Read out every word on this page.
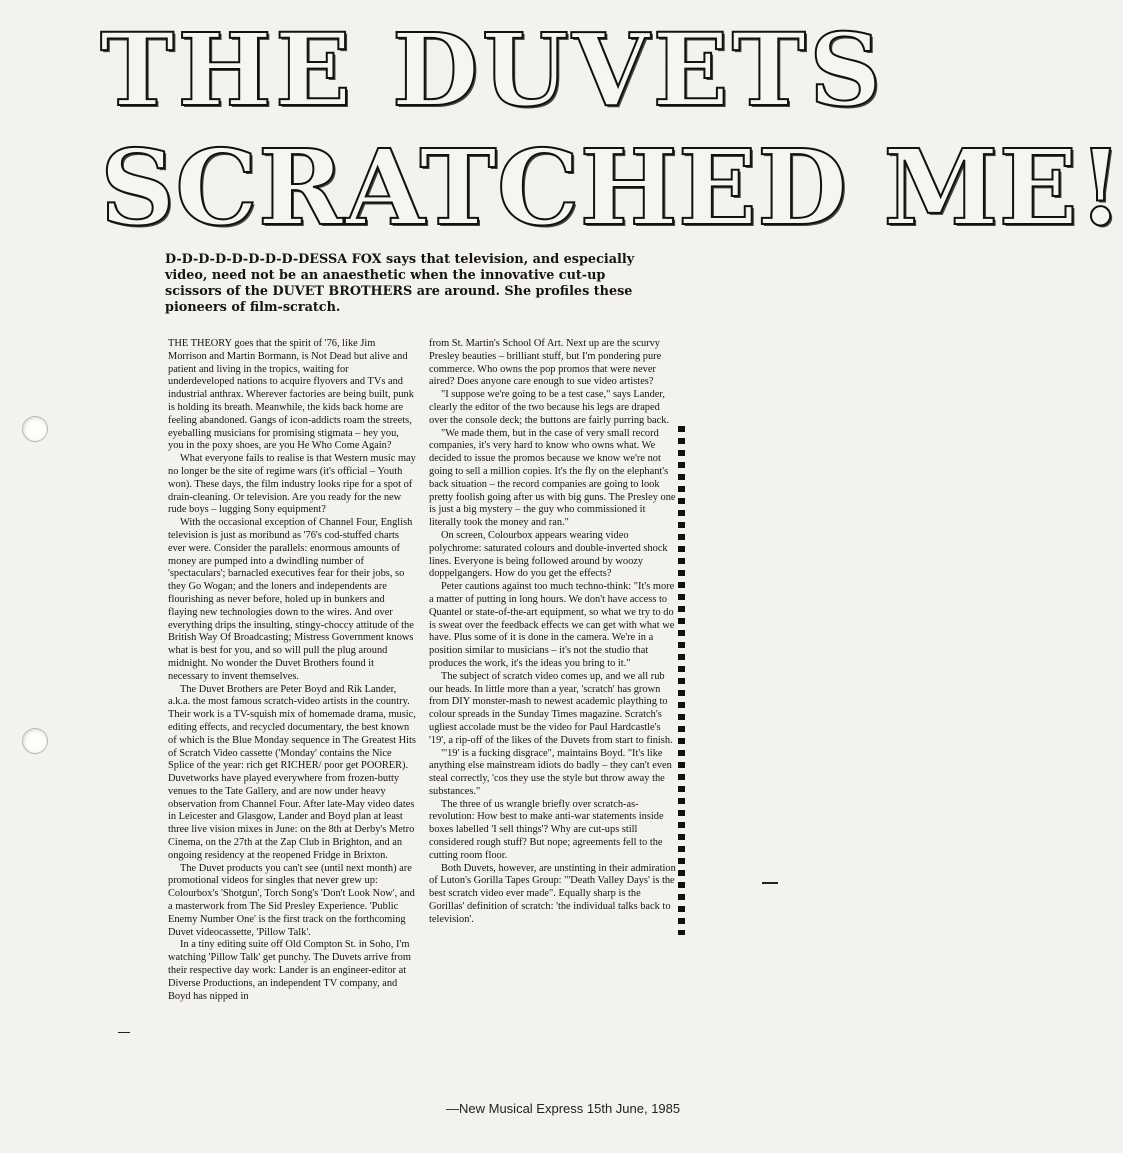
THE DUVETS
SCRATCHED ME!
D-D-D-D-D-D-D-D-DESSA FOX says that television, and especially video, need not be an anaesthetic when the innovative cut-up scissors of the DUVET BROTHERS are around. She profiles these pioneers of film-scratch.

THE THEORY goes that the spirit of '76, like Jim Morrison and Martin Bormann, is Not Dead but alive and patient and living in the tropics, waiting for underdeveloped nations to acquire flyovers and TVs and industrial anthrax. Wherever factories are being built, punk is holding its breath. Meanwhile, the kids back home are feeling abandoned. Gangs of icon-addicts roam the streets, eyeballing musicians for promising stigmata – hey you, you in the poxy shoes, are you He Who Come Again?

What everyone fails to realise is that Western music may no longer be the site of regime wars (it's official – Youth won). These days, the film industry looks ripe for a spot of drain-cleaning. Or television. Are you ready for the new rude boys – lugging Sony equipment?

With the occasional exception of Channel Four, English television is just as moribund as '76's cod-stuffed charts ever were. Consider the parallels: enormous amounts of money are pumped into a dwindling number of 'spectaculars'; barnacled executives fear for their jobs, so they Go Wogan; and the loners and independents are flourishing as never before, holed up in bunkers and flaying new technologies down to the wires. And over everything drips the insulting, stingy-choccy attitude of the British Way Of Broadcasting; Mistress Government knows what is best for you, and so will pull the plug around midnight. No wonder the Duvet Brothers found it necessary to invent themselves.

The Duvet Brothers are Peter Boyd and Rik Lander, a.k.a. the most famous scratch-video artists in the country. Their work is a TV-squish mix of homemade drama, music, editing effects, and recycled documentary, the best known of which is the Blue Monday sequence in The Greatest Hits of Scratch Video cassette ('Monday' contains the Nice Splice of the year: rich get RICHER/ poor get POORER). Duvetworks have played everywhere from frozen-butty venues to the Tate Gallery, and are now under heavy observation from Channel Four. After late-May video dates in Leicester and Glasgow, Lander and Boyd plan at least three live vision mixes in June: on the 8th at Derby's Metro Cinema, on the 27th at the Zap Club in Brighton, and an ongoing residency at the reopened Fridge in Brixton.

The Duvet products you can't see (until next month) are promotional videos for singles that never grew up: Colourbox's 'Shotgun', Torch Song's 'Don't Look Now', and a masterwork from The Sid Presley Experience. 'Public Enemy Number One' is the first track on the forthcoming Duvet videocassette, 'Pillow Talk'.

In a tiny editing suite off Old Compton St. in Soho, I'm watching 'Pillow Talk' get punchy. The Duvets arrive from their respective day work: Lander is an engineer-editor at Diverse Productions, an independent TV company, and Boyd has nipped in

from St. Martin's School Of Art. Next up are the scurvy Presley beauties – brilliant stuff, but I'm pondering pure commerce. Who owns the pop promos that were never aired? Does anyone care enough to sue video artistes?

"I suppose we're going to be a test case," says Lander, clearly the editor of the two because his legs are draped over the console deck; the buttons are fairly purring back.

"We made them, but in the case of very small record companies, it's very hard to know who owns what. We decided to issue the promos because we know we're not going to sell a million copies. It's the fly on the elephant's back situation – the record companies are going to look pretty foolish going after us with big guns. The Presley one is just a big mystery – the guy who commissioned it literally took the money and ran."

On screen, Colourbox appears wearing video polychrome: saturated colours and double-inverted shock lines. Everyone is being followed around by woozy doppelgangers. How do you get the effects?

Peter cautions against too much techno-think: "It's more a matter of putting in long hours. We don't have access to Quantel or state-of-the-art equipment, so what we try to do is sweat over the feedback effects we can get with what we have. Plus some of it is done in the camera. We're in a position similar to musicians – it's not the studio that produces the work, it's the ideas you bring to it."

The subject of scratch video comes up, and we all rub our heads. In little more than a year, 'scratch' has grown from DIY monster-mash to newest academic plaything to colour spreads in the Sunday Times magazine. Scratch's ugliest accolade must be the video for Paul Hardcastle's '19', a rip-off of the likes of the Duvets from start to finish.

"'19' is a fucking disgrace", maintains Boyd. "It's like anything else mainstream idiots do badly – they can't even steal correctly, 'cos they use the style but throw away the substances."

The three of us wrangle briefly over scratch-as-revolution: How best to make anti-war statements inside boxes labelled 'I sell things'? Why are cut-ups still considered rough stuff? But nope; agreements fell to the cutting room floor.

Both Duvets, however, are unstinting in their admiration of Luton's Gorilla Tapes Group: "'Death Valley Days' is the best scratch video ever made". Equally sharp is the Gorillas' definition of scratch: 'the individual talks back to television'.

—New Musical Express 15th June, 1985
